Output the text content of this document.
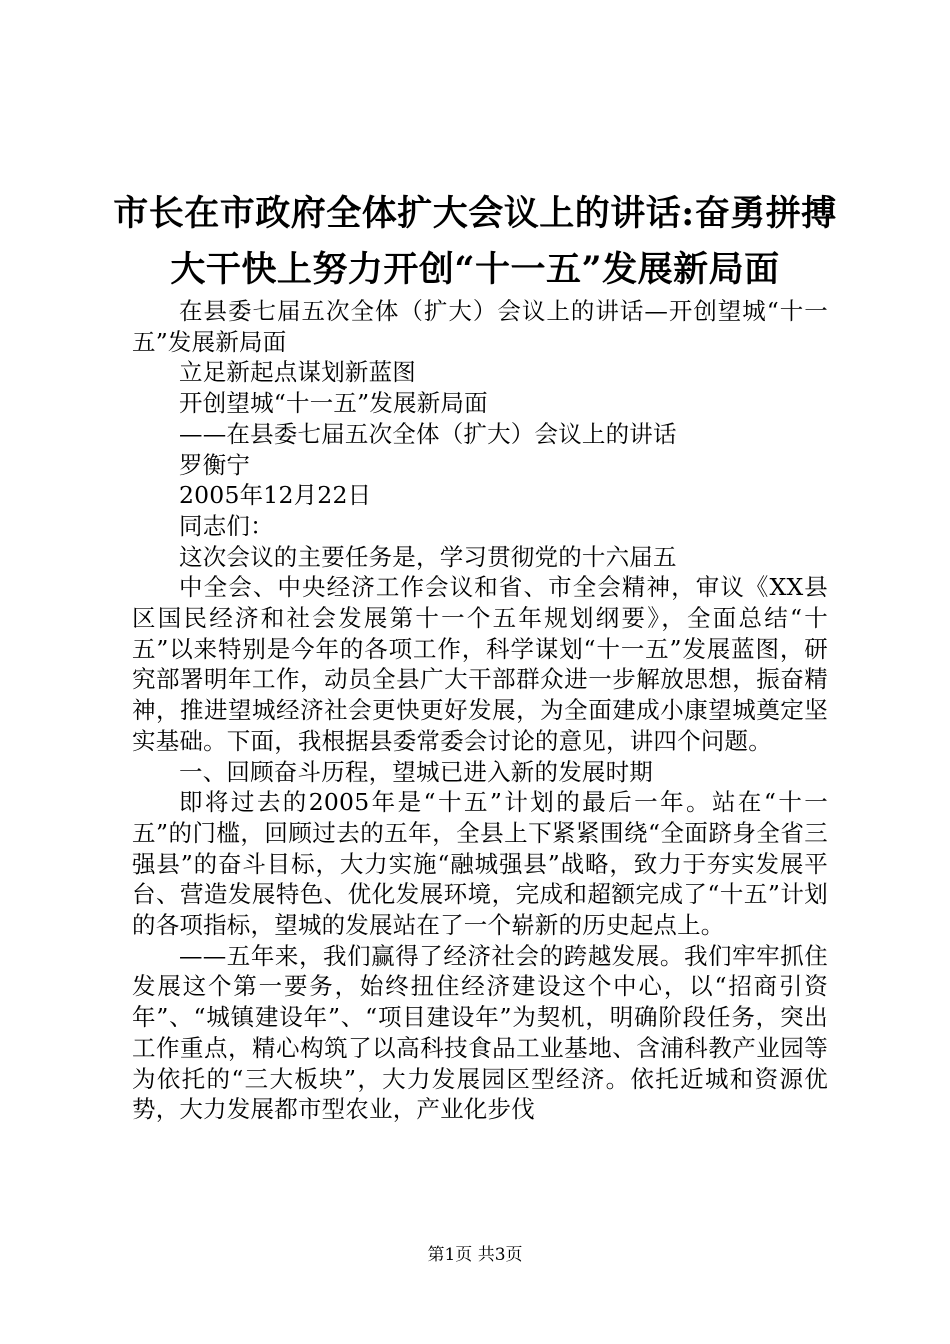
市长在市政府全体扩大会议上的讲话:奋勇拼搏大干快上努力开创“十一五”发展新局面

在县委七届五次全体（扩大）会议上的讲话—开创望城“十一五”发展新局面

立足新起点谋划新蓝图

开创望城“十一五”发展新局面

——在县委七届五次全体（扩大）会议上的讲话

罗衡宁

2005年12月22日

同志们：

这次会议的主要任务是，学习贯彻党的十六届五

中全会、中央经济工作会议和省、市全会精神，审议《XX县区国民经济和社会发展第十一个五年规划纲要》，全面总结“十五”以来特别是今年的各项工作，科学谋划“十一五”发展蓝图，研究部署明年工作，动员全县广大干部群众进一步解放思想，振奋精神，推进望城经济社会更快更好发展，为全面建成小康望城奠定坚实基础。下面，我根据县委常委会讨论的意见，讲四个问题。

一、回顾奋斗历程，望城已进入新的发展时期

即将过去的2005年是“十五”计划的最后一年。站在“十一五”的门槛，回顾过去的五年，全县上下紧紧围绕“全面跻身全省三强县”的奋斗目标，大力实施“融城强县”战略，致力于夯实发展平台、营造发展特色、优化发展环境，完成和超额完成了“十五”计划的各项指标，望城的发展站在了一个崭新的历史起点上。

——五年来，我们赢得了经济社会的跨越发展。我们牢牢抓住发展这个第一要务，始终扭住经济建设这个中心，以“招商引资年”、“城镇建设年”、“项目建设年”为契机，明确阶段任务，突出工作重点，精心构筑了以高科技食品工业基地、含浦科教产业园等为依托的“三大板块”，大力发展园区型经济。依托近城和资源优势，大力发展都市型农业，产业化步伐

第1页 共3页
